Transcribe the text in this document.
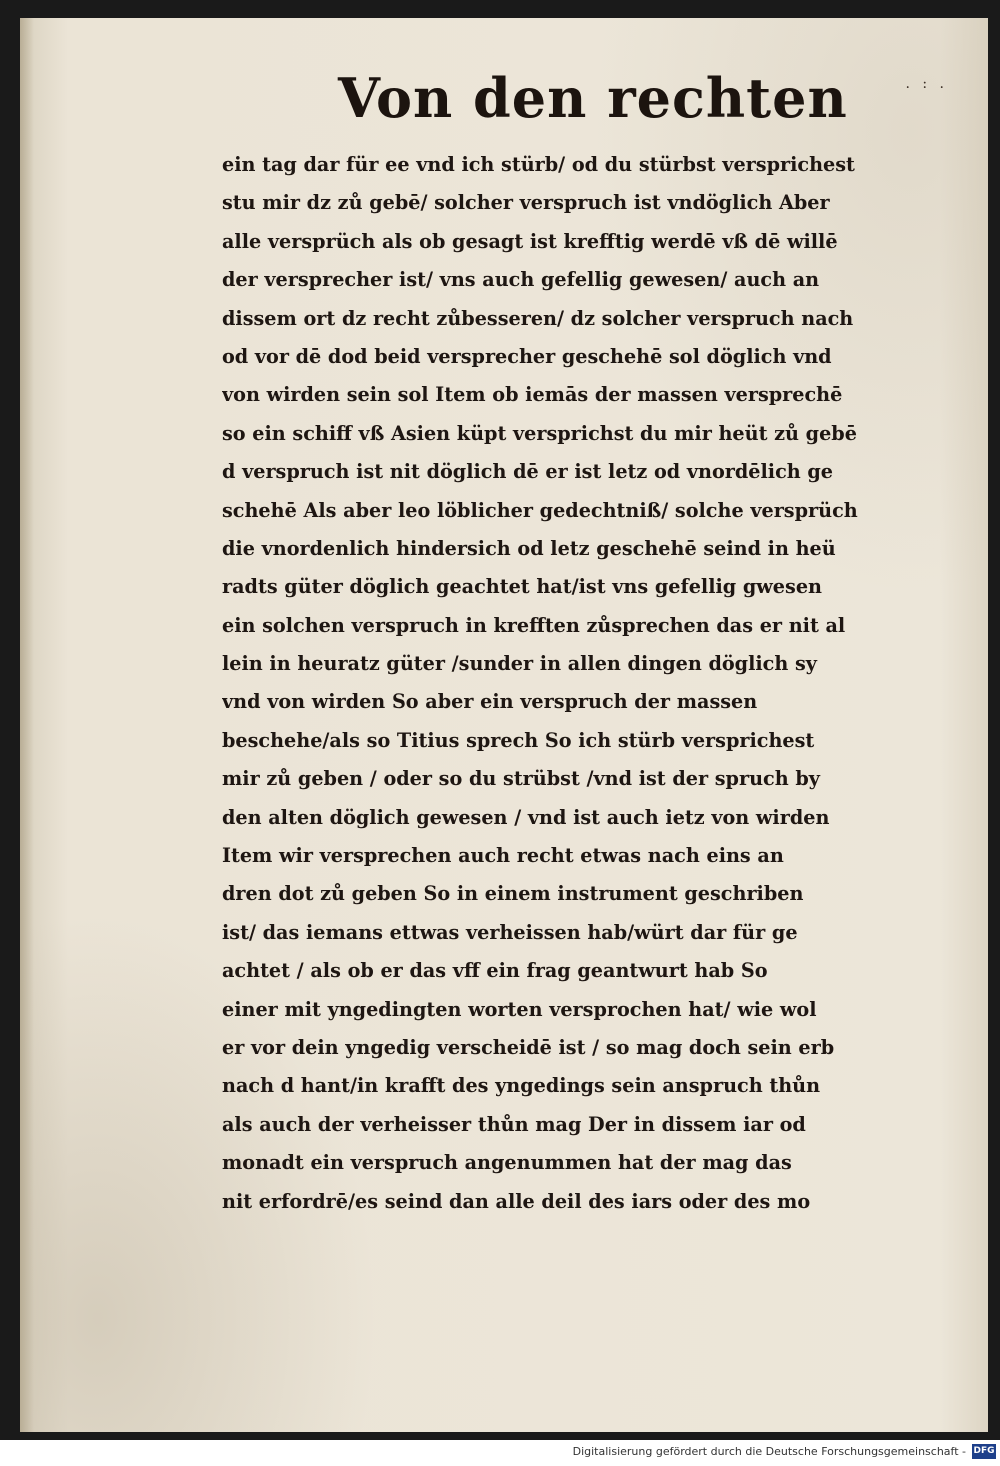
. : .
Von den rechten
ein tag dar für ee vnd ich stürb/ od du stürbst versprichest
stu mir dz zů gebē/ solcher verspruch ist vndöglich Aber
alle versprüch als ob gesagt ist krefftig werdē vß dē willē
der versprecher ist/ vns auch gefellig gewesen/ auch an
dissem ort dz recht zůbesseren/ dz solcher verspruch nach
od vor dē dod beid versprecher geschehē sol döglich vnd
von wirden sein sol Item ob iemās der massen versprechē
so ein schiff vß Asien küpt versprichst du mir heüt zů gebē
d verspruch ist nit döglich dē er ist letz od vnordēlich ge
schehē Als aber leo löblicher gedechtniß/ solche versprüch
die vnordenlich hindersich od letz geschehē seind in heü
radts güter döglich geachtet hat/ist vns gefellig gwesen
ein solchen verspruch in krefften zůsprechen das er nit al
lein in heuratz güter /sunder in allen dingen döglich sy
vnd von wirden So aber ein verspruch der massen
beschehe/als so Titius sprech So ich stürb versprichest
mir zů geben / oder so du strübst /vnd ist der spruch by
den alten döglich gewesen / vnd ist auch ietz von wirden
Item wir versprechen auch recht etwas nach eins an
dren dot zů geben So in einem instrument geschriben
ist/ das iemans ettwas verheissen hab/würt dar für ge
achtet / als ob er das vff ein frag geantwurt hab So
einer mit yngedingten worten versprochen hat/ wie wol
er vor dein yngedig verscheidē ist / so mag doch sein erb
nach d hant/in krafft des yngedings sein anspruch thůn
als auch der verheisser thůn mag Der in dissem iar od
monadt ein verspruch angenummen hat der mag das
nit erfordrē/es seind dan alle deil des iars oder des mo
Digitalisierung gefördert durch die Deutsche Forschungsgemeinschaft - DFG
